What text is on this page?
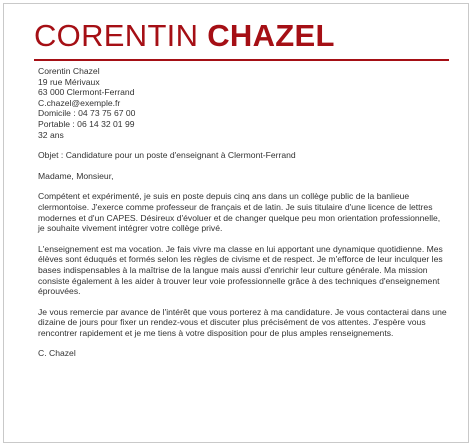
CORENTIN CHAZEL
Corentin Chazel
19 rue Mérivaux
63 000 Clermont-Ferrand
C.chazel@exemple.fr
Domicile : 04 73 75 67 00
Portable : 06 14 32 01 99
32 ans

Objet : Candidature pour un poste d'enseignant à Clermont-Ferrand

Madame, Monsieur,

Compétent et expérimenté, je suis en poste depuis cinq ans dans un collège public de la banlieue clermontoise. J'exerce comme professeur de français et de latin. Je suis titulaire d'une licence de lettres modernes et d'un CAPES. Désireux d'évoluer et de changer quelque peu mon orientation professionnelle, je souhaite vivement intégrer votre collège privé.

L'enseignement est ma vocation. Je fais vivre ma classe en lui apportant une dynamique quotidienne. Mes élèves sont éduqués et formés selon les règles de civisme et de respect. Je m'efforce de leur inculquer les bases indispensables à la maîtrise de la langue mais aussi d'enrichir leur culture générale. Ma mission consiste également à les aider à trouver leur voie professionnelle grâce à des techniques d'enseignement éprouvées.

Je vous remercie par avance de l'intérêt que vous porterez à ma candidature. Je vous contacterai dans une dizaine de jours pour fixer un rendez-vous et discuter plus précisément de vos attentes. J'espère vous rencontrer rapidement et je me tiens à votre disposition pour de plus amples renseignements.

C. Chazel
